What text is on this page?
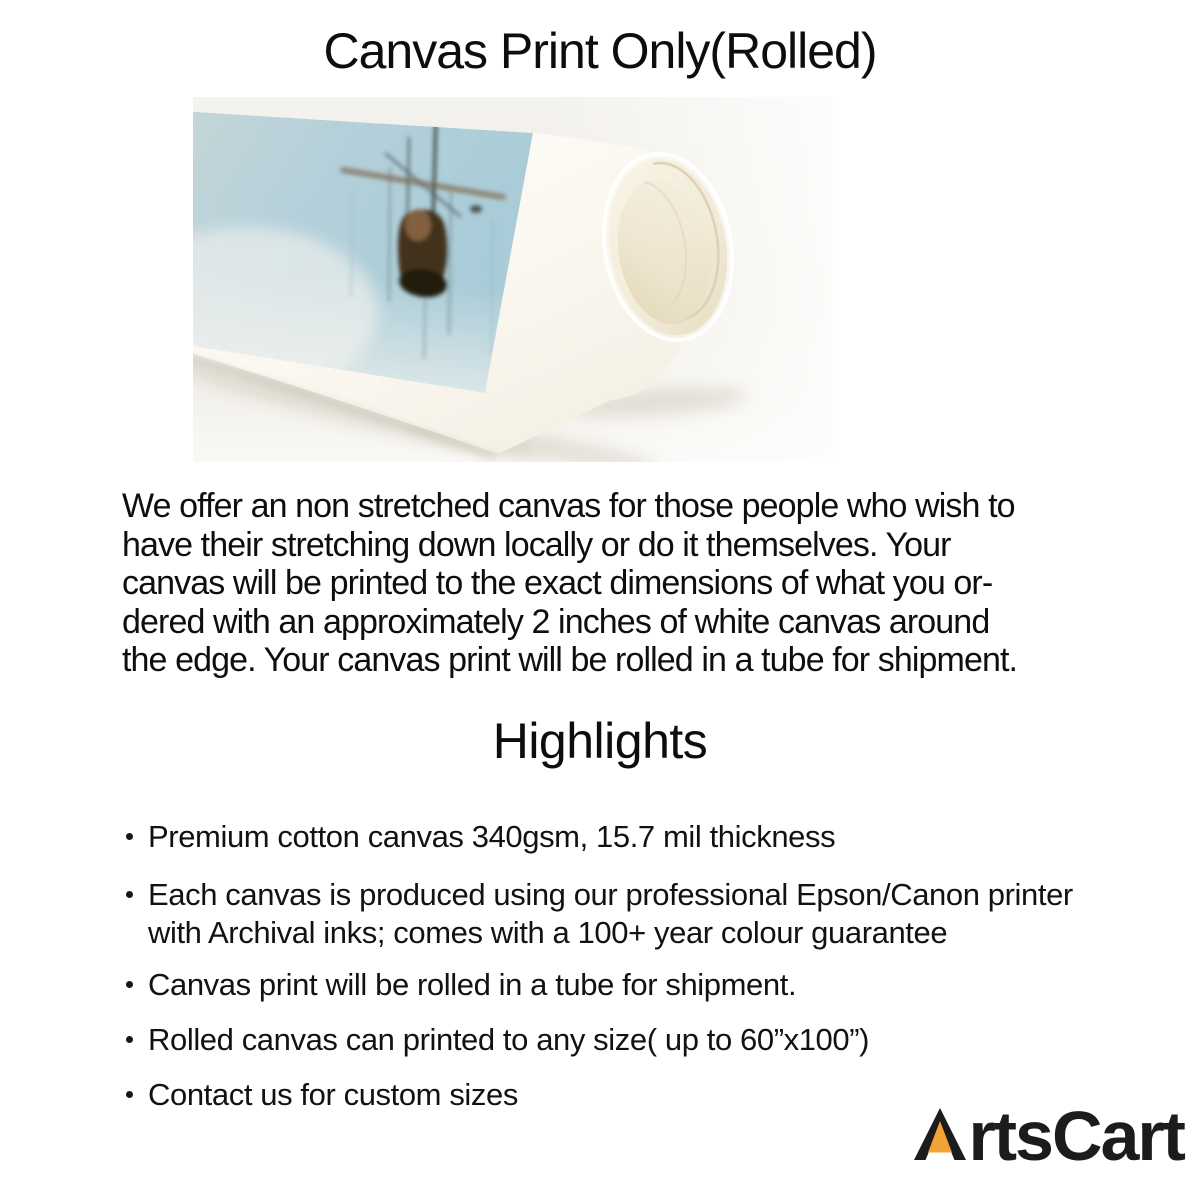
Canvas Print Only(Rolled)
We offer an non stretched canvas for those people who wish to
have their stretching down locally or do it themselves. Your
canvas will be printed to the exact dimensions of what you or-
dered with an approximately 2 inches of white canvas around
the edge. Your canvas print will be rolled in a tube for shipment.
Highlights
Premium cotton canvas 340gsm, 15.7 mil thickness
Each canvas is produced using our professional Epson/Canon printer
with Archival inks; comes with a 100+ year colour guarantee
Canvas print will be rolled in a tube for shipment.
Rolled canvas can printed to any size( up to 60”x100”)
Contact us for custom sizes
rtsCart
